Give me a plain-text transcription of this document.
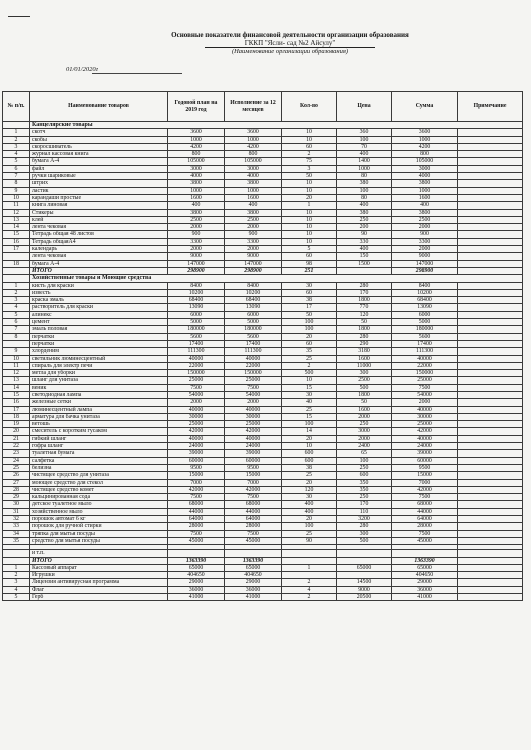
Основные показатели финансовой деятельности организации образования
ГККП "Ясли- сад №2 Айсулу"
(Наименование организации образования)
01/01/2020г
№ п/п.	Наименование товаров	Годовой план на 2019 год	Исполнение за 12 месяцев	Кол-во	Цена	Сумма	Примечание
	Канцелярские товары						
1	скотч	3600	3600	10	360	3600	
2	скобы	1000	1000	10	100	1000	
3	скоросшиватель	4200	4200	60	70	4200	
4	журнал кассовая книга	800	800	2	400	800	
5	бумага А-4	105000	105000	75	1400	105000	
6	файл	3000	3000	3	1000	3000	
7	ручки шариковые	4000	4000	50	80	4000	
8	штрих	3800	3800	10	380	3800	
9	ластик	1000	1000	10	100	1000	
10	карандаши простые	1600	1600	20	80	1600	
11	книга линовая	400	400	1	400	400	
12	Стикеры	3800	3800	10	380	3800	
13	клей	2500	2500	10	250	2500	
14	лента чековая	2000	2000	10	200	2000	
15	Тетрадь общая 48 листов	900	900	10	90	900	
16	Тетрадь общаяА4	3300	3300	10	330	3300	
17	календарь	2000	2000	5	400	2000	
	лента чековая	9000	9000	60	150	9000	
18	бумага А-4	147000	147000	98	1500	147000	
	ИТОГО	298900	298900	251		298900	
	Хозяйственные товары и Моющие средства						
1	кисть для краски	8400	8400	30	280	8400	
2	известь	10200	10200	60	170	10200	
3	краска эмаль	68400	68400	38	1800	68400	
4	растворитель для краски	13090	13090	17	770	13090	
5	алинекс	6000	6000	50	120	6000	
6	цемент	5000	5000	100	50	5000	
7	эмаль половая	180000	180000	100	1800	180000	
8	перчатки	5600	5600	20	280	5600	
	перчатки	17400	17400	60	290	17400	
9	хлорденим	111300	111300	35	3180	111300	
10	светильник люминесцентный	40000	40000	25	1600	40000	
11	спираль для электр печи	22000	22000	2	11000	22000	
12	метла для уборки	150000	150000	500	300	150000	
13	шланг для унитаза	25000	25000	10	2500	25000	
14	веник	7500	7500	15	500	7500	
15	светодиодная лампа	54000	54000	30	1800	54000	
16	железные сетки	2000	2000	40	50	2000	
17	люминесцентный лампа	40000	40000	25	1600	40000	
18	арматура для бачка унитаза	30000	30000	15	2000	30000	
19	ветошь	25000	25000	100	250	25000	
20	смеситель с коротким гусаком	42000	42000	14	3000	42000	
21	гибкий шланг	40000	40000	20	2000	40000	
22	гофра шланг	24000	24000	10	2400	24000	
23	туалетная бумага	39000	39000	600	65	39000	
24	салфетка	60000	60000	600	100	60000	
25	белизна	9500	9500	38	250	9500	
26	чистящее средство для унитаза	15000	15000	25	600	15000	
27	моющее средство для стекол	7000	7000	20	350	7000	
28	чистящее средство комет	42000	42000	120	350	42000	
29	кальцинированная сода	7500	7500	30	250	7500	
30	детское туалетное мыло	68000	68000	400	170	68000	
31	хозяйственное мыло	44000	44000	400	110	44000	
32	порошок автомат 6 кг	64000	64000	20	3200	64000	
33	порошок для ручной стирки	28000	28000	100	280	28000	
34	тряпка для мытья посуды	7500	7500	25	300	7500	
35	средство для мытья посуды	45000	45000	90	500	45000	

	и т.п.						
	ИТОГО	1363390	1363390			1363390	
1	Кассовый аппарат	65000	65000	1	65000	65000	
2	Игрушки	404650	404650			404650	
3	Лицензия антивирусная программа	29000	29000	2	14500	29000	
4	Флаг	36000	36000	4	9000	36000	
5	Герб	41000	41000	2	20500	41000	
